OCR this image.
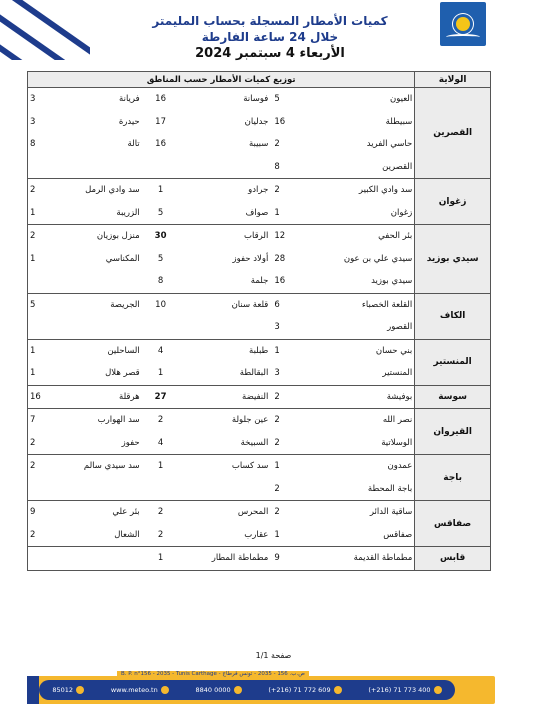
كميات الأمطار المسجلة بحساب المليمتر
خلال 24 ساعة الفارطة
الأربعاء 4 سبتمبر 2024
توزيع كميات الأمطار حسب المناطق						الولاية
3	فريانة	16	فوسانة	5	العيون	القصرين
3	حيدرة	17	جدليان	16	سبيطلة	
8	تالة	16	سبيبة	2	حاسي الفريد	
				8	القصرين	
2	سد وادي الرمل	1	جرادو	2	سد وادي الكبير	زغوان
1	الزريبة	5	صواف	1	زغوان	
2	منزل بوزيان	30	الرقاب	12	بئر الحفي	سيدي بوزيد
1	المكناسي	5	أولاد حفوز	28	سيدي علي بن عون	
		8	جلمة	16	سيدي بوزيد	
5	الجريصة	10	قلعة سنان	6	القلعة الخصباء	الكاف
				3	القصور	
1	الساحلين	4	طبلبة	1	بني حسان	المنستير
1	قصر هلال	1	البقالطة	3	المنستير	
16	هرقلة	27	النفيضة	2	بوفيشة	سوسة
7	سد الهوارب	2	عين جلولة	2	نصر الله	القيروان
2	حفوز	4	السبيخة	2	الوسلاتية	
2	سد سيدي سالم	1	سد كساب	1	عمدون	باجة
				2	باجة المحطة	
9	بئر علي	2	المحرس	2	ساقية الدائر	صفاقس
2	الشعال	2	عقارب	1	صفاقس	
		1	مطماطة المطار	9	مطماطة القديمة	قابس
صفحة 1/1
B. P. n°156 - 2035 - Tunis Carthage - ص.ب. 156 - 2035 - تونس قرطاج
85012	www.meteo.tn	8840 0000	(+216) 71 772 609	(+216) 71 773 400
